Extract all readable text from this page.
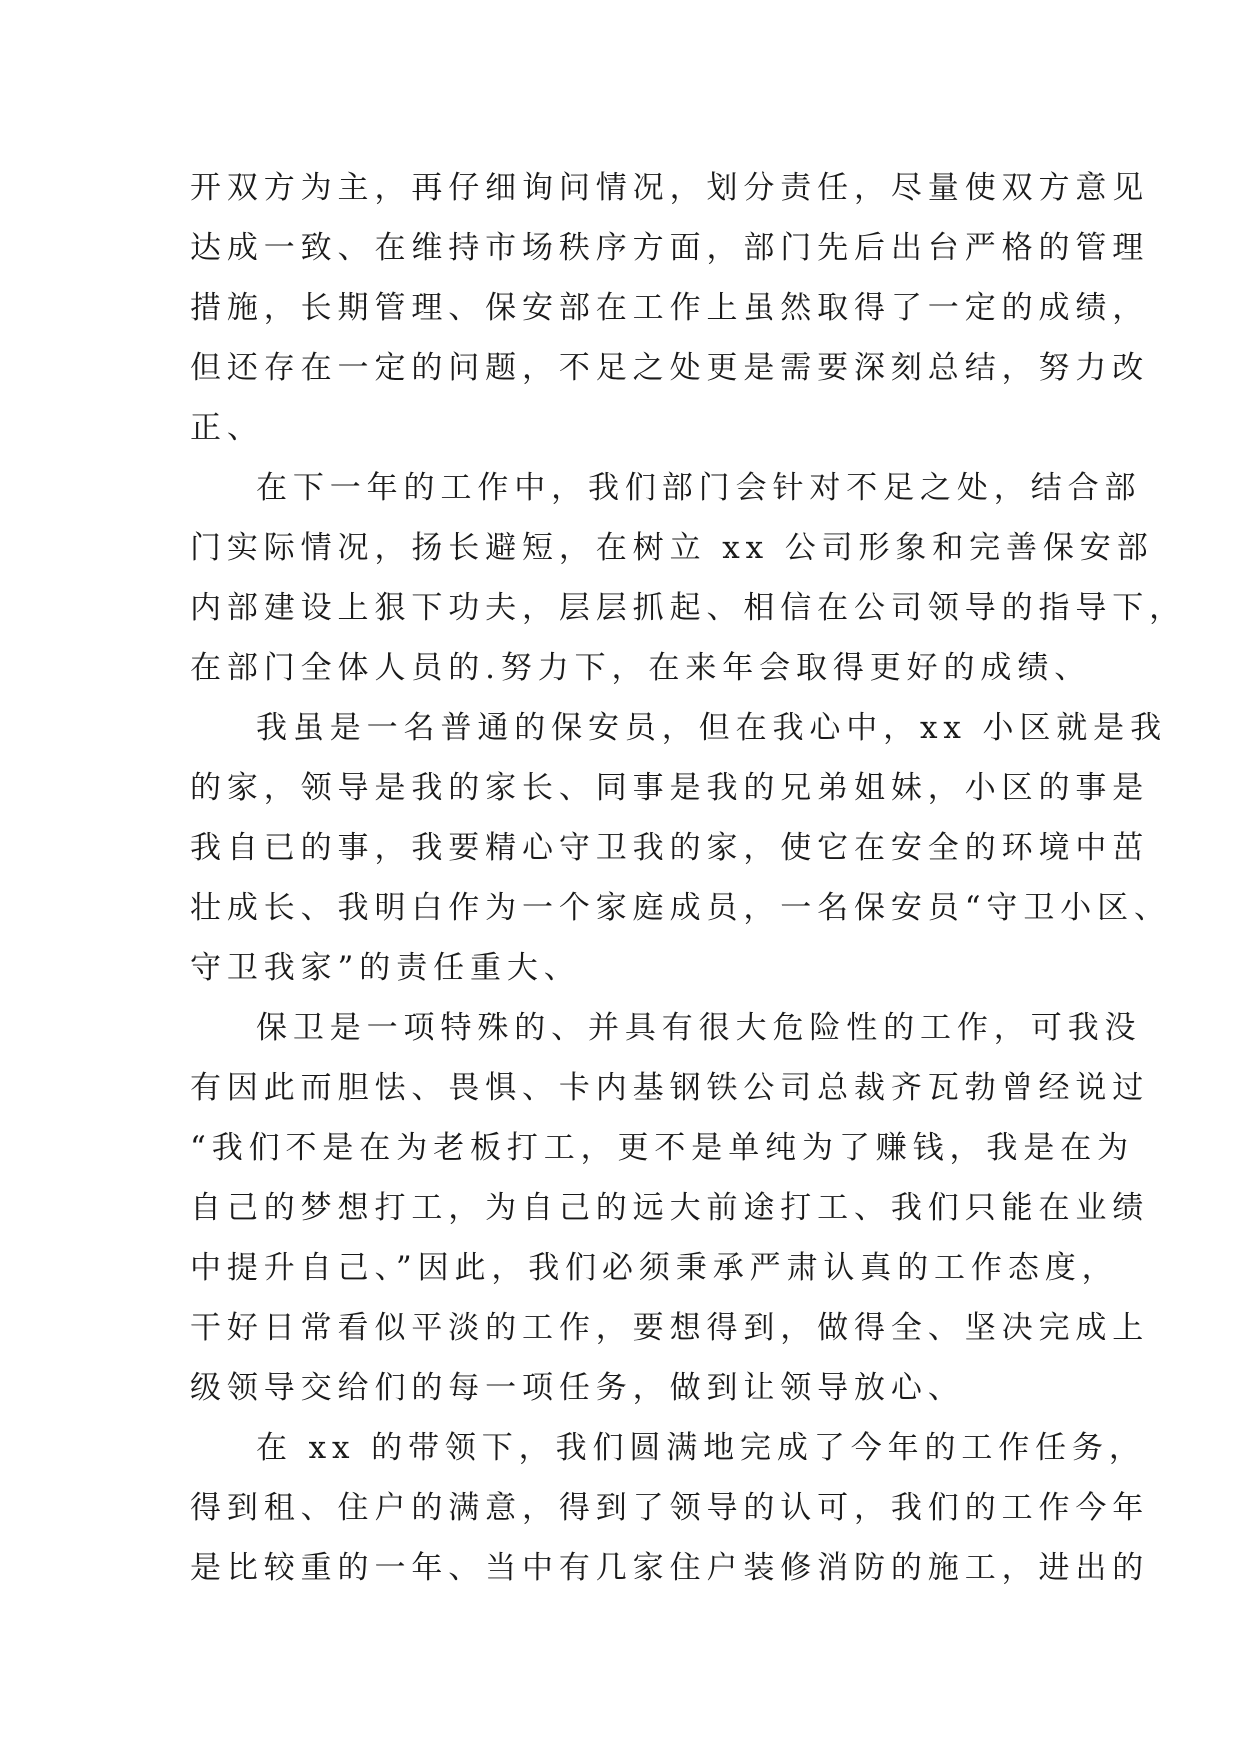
开双方为主，再仔细询问情况，划分责任，尽量使双方意见
达成一致、在维持市场秩序方面，部门先后出台严格的管理
措施，长期管理、保安部在工作上虽然取得了一定的成绩，
但还存在一定的问题，不足之处更是需要深刻总结，努力改
正、
在下一年的工作中，我们部门会针对不足之处，结合部
门实际情况，扬长避短，在树立 xx 公司形象和完善保安部
内部建设上狠下功夫，层层抓起、相信在公司领导的指导下，
在部门全体人员的.努力下，在来年会取得更好的成绩、
我虽是一名普通的保安员，但在我心中，xx 小区就是我
的家，领导是我的家长、同事是我的兄弟姐妹，小区的事是
我自已的事，我要精心守卫我的家，使它在安全的环境中茁
壮成长、我明白作为一个家庭成员，一名保安员“守卫小区、
守卫我家”的责任重大、
保卫是一项特殊的、并具有很大危险性的工作，可我没
有因此而胆怯、畏惧、卡内基钢铁公司总裁齐瓦勃曾经说过
“我们不是在为老板打工，更不是单纯为了赚钱，我是在为
自己的梦想打工，为自己的远大前途打工、我们只能在业绩
中提升自己、”因此，我们必须秉承严肃认真的工作态度，
干好日常看似平淡的工作，要想得到，做得全、坚决完成上
级领导交给们的每一项任务，做到让领导放心、
在 xx 的带领下，我们圆满地完成了今年的工作任务，
得到租、住户的满意，得到了领导的认可，我们的工作今年
是比较重的一年、当中有几家住户装修消防的施工，进出的
